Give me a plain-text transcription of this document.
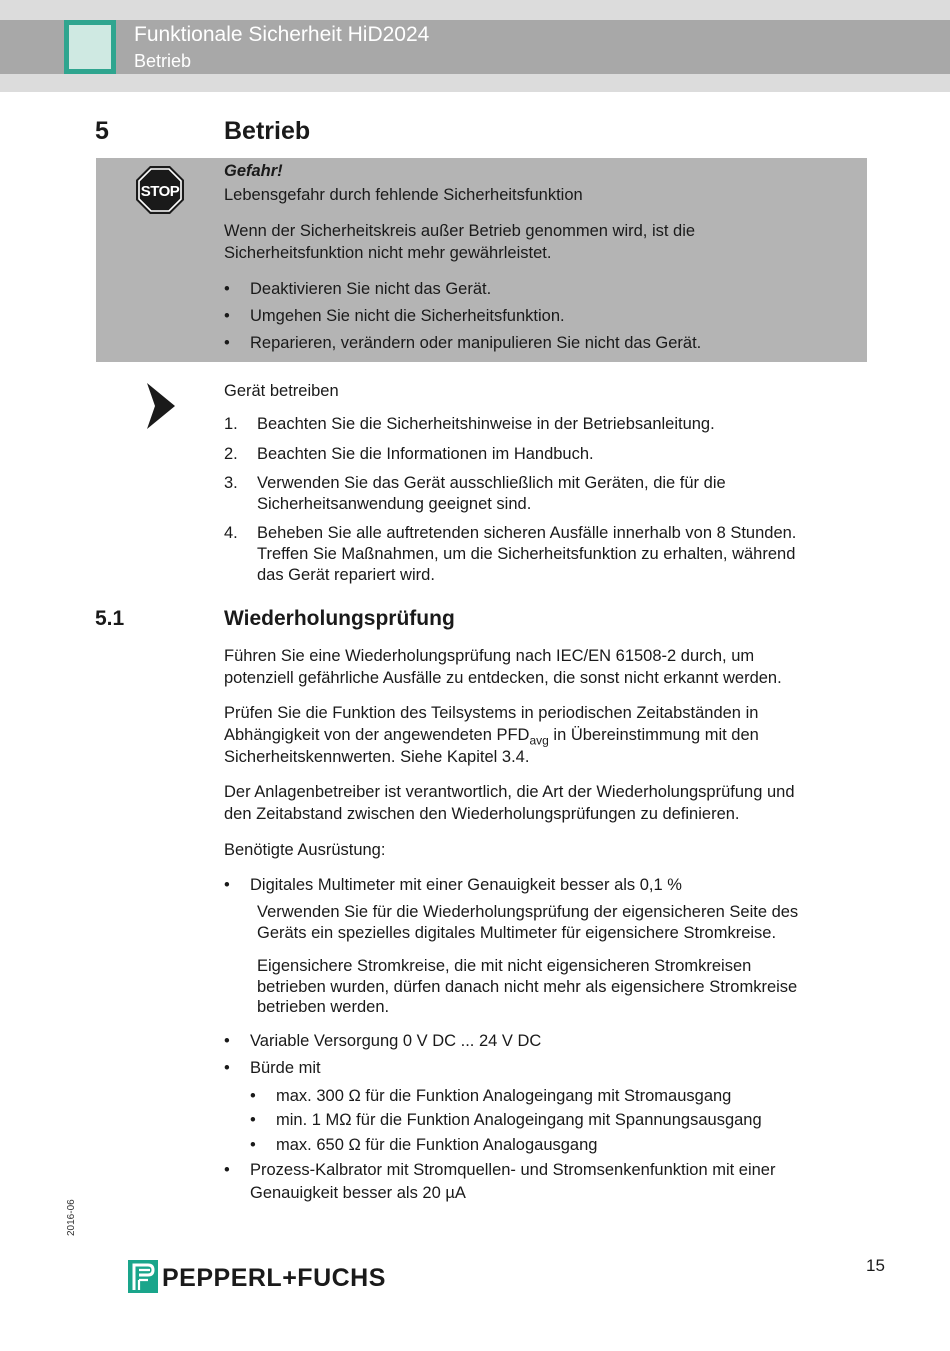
Funktionale Sicherheit HiD2024
Betrieb
5	Betrieb
STOP
Gefahr!
Lebensgefahr durch fehlende Sicherheitsfunktion
Wenn der Sicherheitskreis außer Betrieb genommen wird, ist die
Sicherheitsfunktion nicht mehr gewährleistet.
• Deaktivieren Sie nicht das Gerät.
• Umgehen Sie nicht die Sicherheitsfunktion.
• Reparieren, verändern oder manipulieren Sie nicht das Gerät.
Gerät betreiben
1. Beachten Sie die Sicherheitshinweise in der Betriebsanleitung.
2. Beachten Sie die Informationen im Handbuch.
3. Verwenden Sie das Gerät ausschließlich mit Geräten, die für die
Sicherheitsanwendung geeignet sind.
4. Beheben Sie alle auftretenden sicheren Ausfälle innerhalb von 8 Stunden.
Treffen Sie Maßnahmen, um die Sicherheitsfunktion zu erhalten, während
das Gerät repariert wird.
5.1	Wiederholungsprüfung
Führen Sie eine Wiederholungsprüfung nach IEC/EN 61508-2 durch, um
potenziell gefährliche Ausfälle zu entdecken, die sonst nicht erkannt werden.
Prüfen Sie die Funktion des Teilsystems in periodischen Zeitabständen in
Abhängigkeit von der angewendeten $PFD_{avg}$ in Übereinstimmung mit den
Sicherheitskennwerten. Siehe Kapitel 3.4.
Der Anlagenbetreiber ist verantwortlich, die Art der Wiederholungsprüfung und
den Zeitabstand zwischen den Wiederholungsprüfungen zu definieren.
Benötigte Ausrüstung:
• Digitales Multimeter mit einer Genauigkeit besser als 0,1 %
Verwenden Sie für die Wiederholungsprüfung der eigensicheren Seite des
Geräts ein spezielles digitales Multimeter für eigensichere Stromkreise.
Eigensichere Stromkreise, die mit nicht eigensicheren Stromkreisen
betrieben wurden, dürfen danach nicht mehr als eigensichere Stromkreise
betrieben werden.
• Variable Versorgung 0 V DC ... 24 V DC
• Bürde mit
• max. 300 Ω für die Funktion Analogeingang mit Stromausgang
• min. 1 MΩ für die Funktion Analogeingang mit Spannungsausgang
• max. 650 Ω für die Funktion Analogausgang
• Prozess-Kalbrator mit Stromquellen- und Stromsenkenfunktion mit einer
Genauigkeit besser als 20 µA
2016-06
15
PEPPERL+FUCHS
